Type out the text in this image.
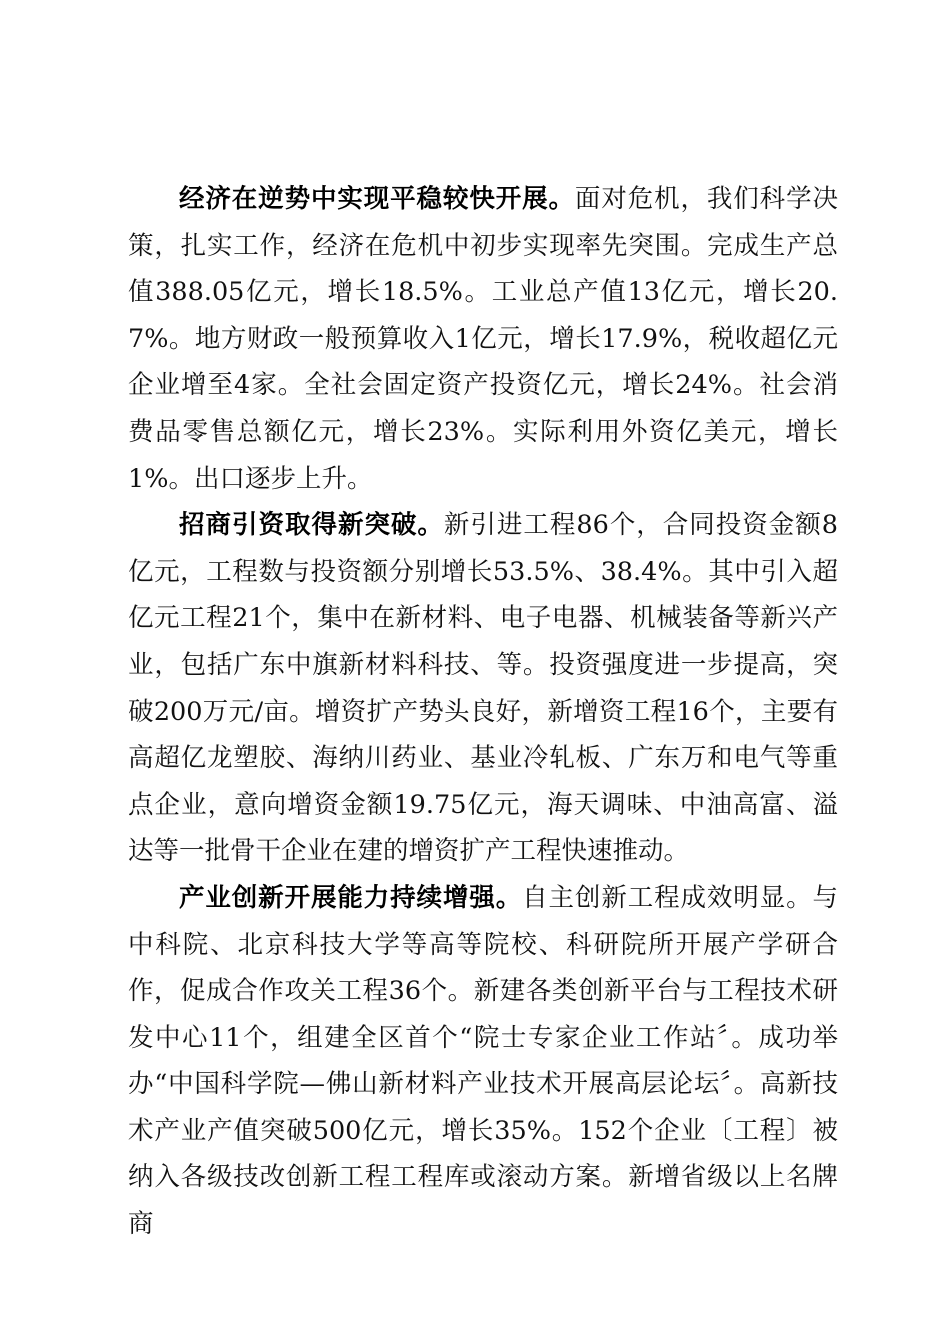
经济在逆势中实现平稳较快开展。面对危机，我们科学决策，扎实工作，经济在危机中初步实现率先突围。完成生产总值388.05亿元，增长18.5%。工业总产值13亿元，增长20.7%。地方财政一般预算收入1亿元，增长17.9%，税收超亿元企业增至4家。全社会固定资产投资亿元，增长24%。社会消费品零售总额亿元，增长23%。实际利用外资亿美元，增长1%。出口逐步上升。

招商引资取得新突破。新引进工程86个，合同投资金额8亿元，工程数与投资额分别增长53.5%、38.4%。其中引入超亿元工程21个，集中在新材料、电子电器、机械装备等新兴产业，包括广东中旗新材料科技、等。投资强度进一步提高，突破200万元/亩。增资扩产势头良好，新增资工程16个，主要有高超亿龙塑胶、海纳川药业、基业冷轧板、广东万和电气等重点企业，意向增资金额19.75亿元，海天调味、中油高富、溢达等一批骨干企业在建的增资扩产工程快速推动。

产业创新开展能力持续增强。自主创新工程成效明显。与中科院、北京科技大学等高等院校、科研院所开展产学研合作，促成合作攻关工程36个。新建各类创新平台与工程技术研发中心11个，组建全区首个“院士专家企业工作站〞。成功举办“中国科学院—佛山新材料产业技术开展高层论坛〞。高新技术产业产值突破500亿元，增长35%。152个企业〔工程〕被纳入各级技改创新工程工程库或滚动方案。新增省级以上名牌商
